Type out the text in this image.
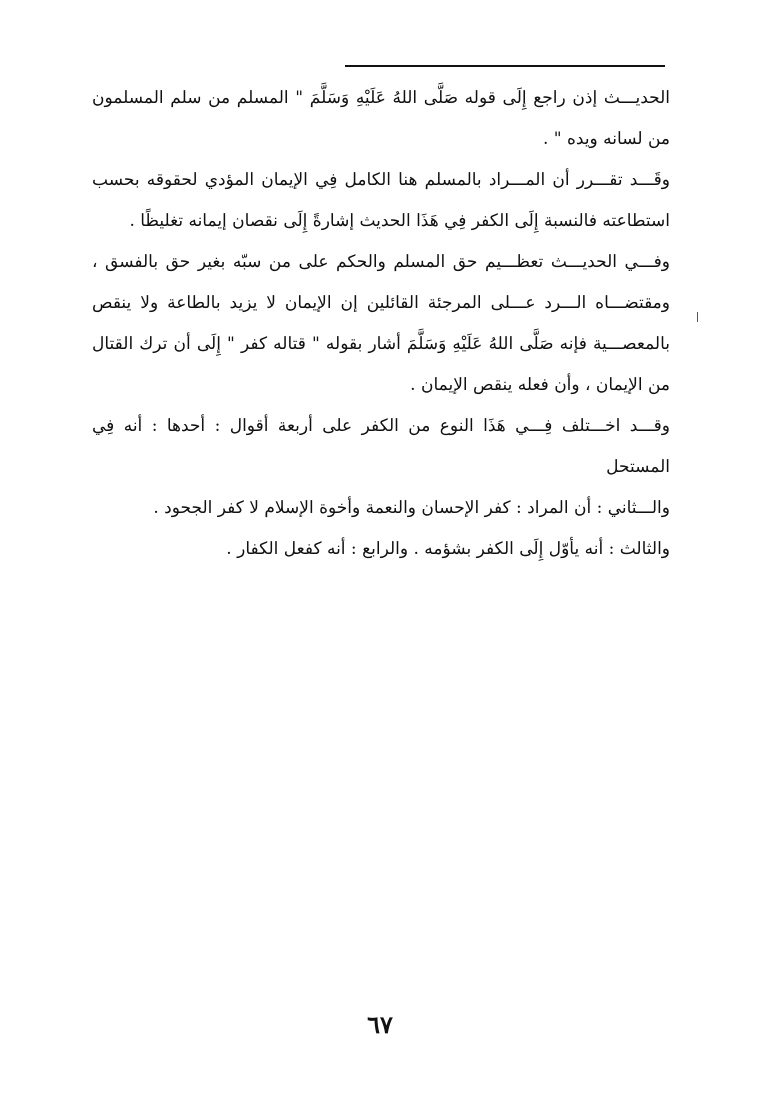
الحديـــث إذن راجع إِلَى قوله صَلَّى اللهُ عَلَيْهِ وَسَلَّمَ " المسلم من سلم المسلمون من لسانه ويده " .

وقَـــد تقـــرر أن المـــراد بالمسلم هنا الكامل فِي الإيمان المؤدي لحقوقه بحسب استطاعته فالنسبة إِلَى الكفر فِي هَذَا الحديث إشارةً إِلَى نقصان إيمانه تغليظًا .

وفـــي الحديـــث تعظـــيم حق المسلم والحكم على من سبّه بغير حق بالفسق ، ومقتضـــاه الـــرد عـــلى المرجئة القائلين إن الإيمان لا يزيد بالطاعة ولا ينقص بالمعصـــية فإنه صَلَّى اللهُ عَلَيْهِ وَسَلَّمَ أشار بقوله " قتاله كفر " إِلَى أن ترك القتال من الإيمان ، وأن فعله ينقص الإيمان .

وقـــد اخـــتلف فِـــي هَذَا النوع من الكفر على أربعة أقوال : أحدها : أنه فِي المستحل

والـــثاني : أن المراد : كفر الإحسان والنعمة وأخوة الإسلام لا كفر الجحود .

والثالث : أنه يأوّل إِلَى الكفر بشؤمه . والرابع : أنه كفعل الكفار .

٦٧
